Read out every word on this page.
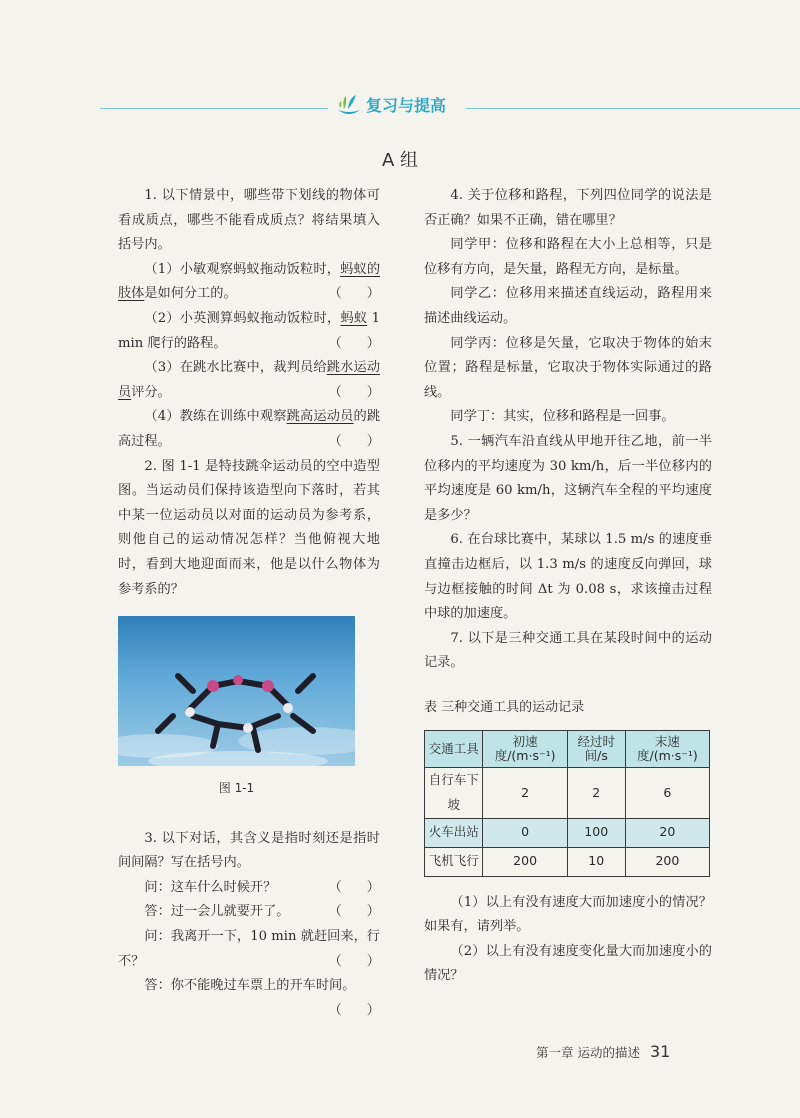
复习与提高
A 组

1. 以下情景中，哪些带下划线的物体可看成质点，哪些不能看成质点？将结果填入括号内。

（1）小敏观察蚂蚁拖动饭粒时，蚂蚁的肢体是如何分工的。	（      ）

（2）小英测算蚂蚁拖动饭粒时，蚂蚁 1 min 爬行的路程。	（      ）

（3）在跳水比赛中，裁判员给跳水运动员评分。	（      ）

（4）教练在训练中观察跳高运动员的跳高过程。	（      ）

2. 图 1-1 是特技跳伞运动员的空中造型图。当运动员们保持该造型向下落时，若其中某一位运动员以对面的运动员为参考系，则他自己的运动情况怎样？当他俯视大地时，看到大地迎面而来，他是以什么物体为参考系的？

图 1-1

3. 以下对话，其含义是指时刻还是指时间间隔？写在括号内。

问：这车什么时候开？	（      ）

答：过一会儿就要开了。	（      ）

问：我离开一下，10 min 就赶回来，行不？	（      ）

答：你不能晚过车票上的开车时间。
（      ）

4. 关于位移和路程，下列四位同学的说法是否正确？如果不正确，错在哪里？

同学甲：位移和路程在大小上总相等，只是位移有方向，是矢量，路程无方向，是标量。

同学乙：位移用来描述直线运动，路程用来描述曲线运动。

同学丙：位移是矢量，它取决于物体的始末位置；路程是标量，它取决于物体实际通过的路线。

同学丁：其实，位移和路程是一回事。

5. 一辆汽车沿直线从甲地开往乙地，前一半位移内的平均速度为 30 km/h，后一半位移内的平均速度是 60 km/h，这辆汽车全程的平均速度是多少？

6. 在台球比赛中，某球以 1.5 m/s 的速度垂直撞击边框后，以 1.3 m/s 的速度反向弹回，球与边框接触的时间 Δt 为 0.08 s，求该撞击过程中球的加速度。

7. 以下是三种交通工具在某段时间中的运动记录。

表 三种交通工具的运动记录
交通工具	初速度/(m·s⁻¹)	经过时间/s	末速度/(m·s⁻¹)
自行车下坡	2	2	6
火车出站	0	100	20
飞机飞行	200	10	200

（1）以上有没有速度大而加速度小的情况？如果有，请列举。

（2）以上有没有速度变化量大而加速度小的情况？

第一章 运动的描述 31
